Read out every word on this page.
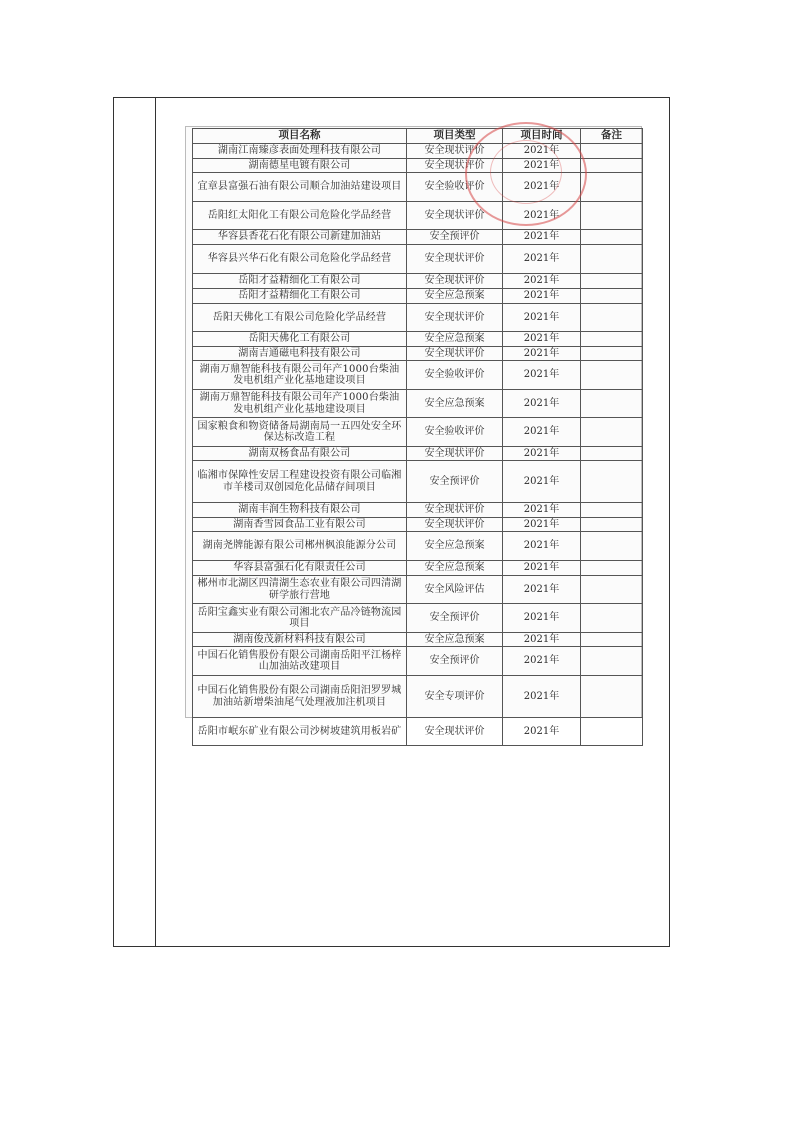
项目名称	项目类型	项目时间	备注
湖南江南臻彦表面处理科技有限公司	安全现状评价	2021年	
湖南德星电镀有限公司	安全现状评价	2021年	
宜章县富强石油有限公司顺合加油站建设项目	安全验收评价	2021年	
岳阳红太阳化工有限公司危险化学品经营	安全现状评价	2021年	
华容县香花石化有限公司新建加油站	安全预评价	2021年	
华容县兴华石化有限公司危险化学品经营	安全现状评价	2021年	
岳阳才益精细化工有限公司	安全现状评价	2021年	
岳阳才益精细化工有限公司	安全应急预案	2021年	
岳阳天佛化工有限公司危险化学品经营	安全现状评价	2021年	
岳阳天佛化工有限公司	安全应急预案	2021年	
湖南吉通磁电科技有限公司	安全现状评价	2021年	
湖南万鼎智能科技有限公司年产1000台柴油发电机组产业化基地建设项目	安全验收评价	2021年	
湖南万鼎智能科技有限公司年产1000台柴油发电机组产业化基地建设项目	安全应急预案	2021年	
国家粮食和物资储备局湖南局一五四处安全环保达标改造工程	安全验收评价	2021年	
湖南双杨食品有限公司	安全现状评价	2021年	
临湘市保障性安居工程建设投资有限公司临湘市羊楼司双创园危化品储存间项目	安全预评价	2021年	
湖南丰润生物科技有限公司	安全现状评价	2021年	
湖南香雪园食品工业有限公司	安全现状评价	2021年	
湖南尧牌能源有限公司郴州枫浪能源分公司	安全应急预案	2021年	
华容县富强石化有限责任公司	安全应急预案	2021年	
郴州市北湖区四清湖生态农业有限公司四清湖研学旅行营地	安全风险评估	2021年	
岳阳宝鑫实业有限公司湘北农产品冷链物流园项目	安全预评价	2021年	
湖南俊茂新材料科技有限公司	安全应急预案	2021年	
中国石化销售股份有限公司湖南岳阳平江杨梓山加油站改建项目	安全预评价	2021年	
中国石化销售股份有限公司湖南岳阳汨罗罗城加油站新增柴油尾气处理液加注机项目	安全专项评价	2021年	
岳阳市岷东矿业有限公司沙树坡建筑用板岩矿	安全现状评价	2021年	
